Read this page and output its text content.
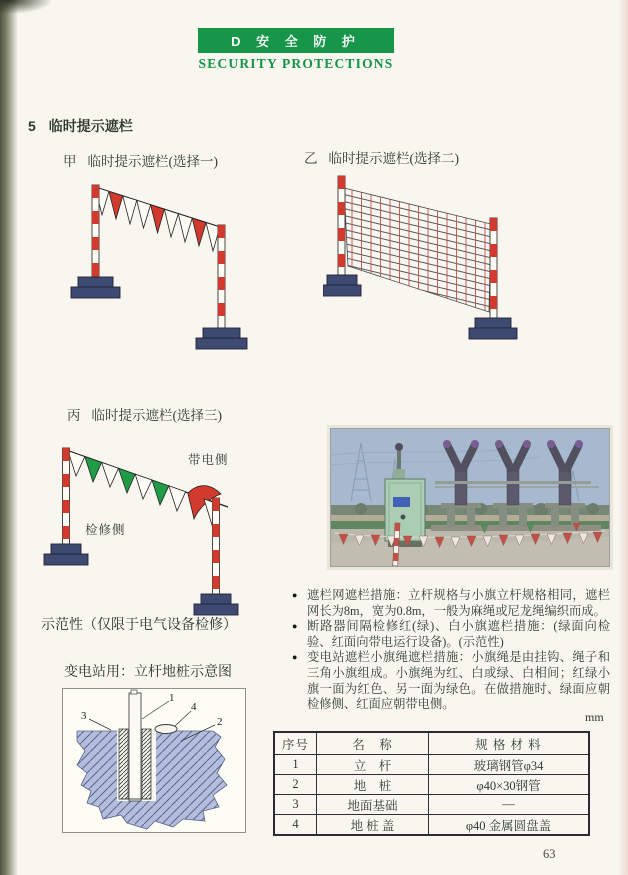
D 安 全 防 护
SECURITY PROTECTIONS
5 临时提示遮栏
甲 临时提示遮栏(选择一)	乙 临时提示遮栏(选择二)
丙 临时提示遮栏(选择三)
带电侧
检修侧
示范性（仅限于电气设备检修）
变电站用：立杆地桩示意图
1
2
3
4
● 遮栏网遮栏措施：立杆规格与小旗立杆规格相同，遮栏网长为8m，宽为0.8m，一般为麻绳或尼龙绳编织而成。
● 断路器间隔检修红(绿)、白小旗遮栏措施：(绿面向检验、红面向带电运行设备)。(示范性)
● 变电站遮栏小旗绳遮栏措施：小旗绳是由挂钩、绳子和三角小旗组成。小旗绳为红、白或绿、白相间；红绿小旗一面为红色、另一面为绿色。在做措施时、绿面应朝检修侧、红面应朝带电侧。
mm
序号	名　称	规 格 材 料
1	立　杆	玻璃钢管φ34
2	地　桩	φ40×30钢管
3	地面基础	—
4	地 桩 盖	φ40 金属圆盘盖
63
